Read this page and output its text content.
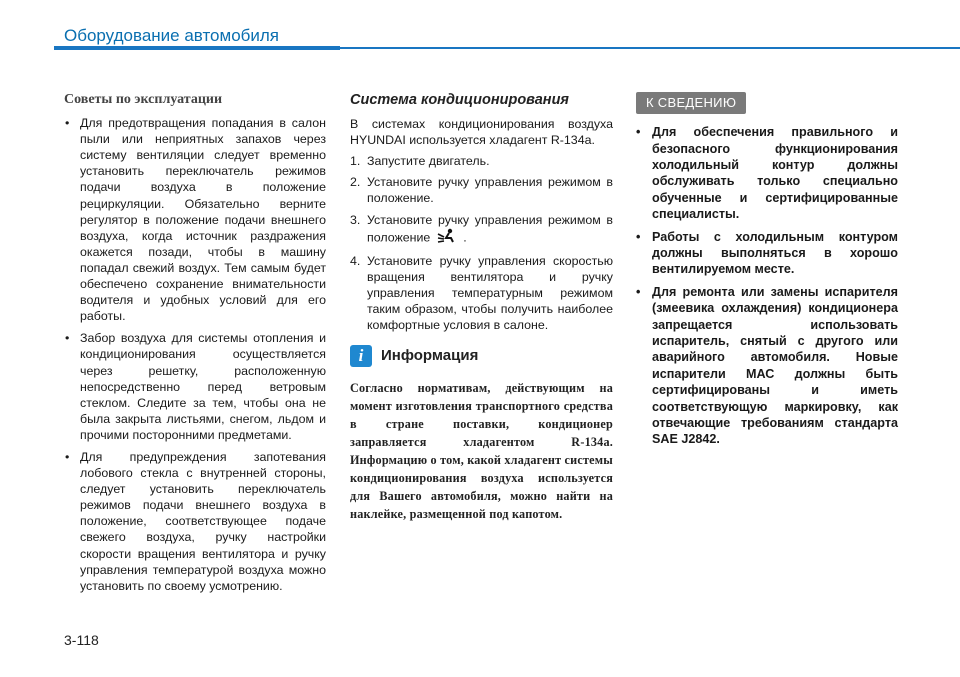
Оборудование автомобиля
Советы по эксплуатации
• Для предотвращения попадания в салон пыли или неприятных запахов через систему вентиляции следует временно установить переключатель режимов подачи воздуха в положение рециркуляции. Обязательно верните регулятор в положение подачи внешнего воздуха, когда источник раздражения окажется позади, чтобы в машину попадал свежий воздух. Тем самым будет обеспечено сохранение внимательности водителя и удобных условий для его работы.
• Забор воздуха для системы отопления и кондиционирования осуществляется через решетку, расположенную непосредственно перед ветровым стеклом. Следите за тем, чтобы она не была закрыта листьями, снегом, льдом и прочими посторонними предметами.
• Для предупреждения запотевания лобового стекла с внутренней стороны, следует установить переключатель режимов подачи внешнего воздуха в положение, соответствующее подаче свежего воздуха, ручку настройки скорости вращения вентилятора и ручку управления температурой воздуха можно установить по своему усмотрению.
Система кондиционирования
В системах кондиционирования воздуха HYUNDAI используется хладагент R-134a.
1. Запустите двигатель.
2. Установите ручку управления режимом в положение.
3. Установите ручку управления режимом в положение	.
4. Установите ручку управления скоростью вращения вентилятора и ручку управления температурным режимом таким образом, чтобы получить наиболее комфортные условия в салоне.
i	Информация
Согласно нормативам, действующим на момент изготовления транспортного средства в стране поставки, кондиционер заправляется хладагентом R-134a. Информацию о том, какой хладагент системы кондиционирования воздуха используется для Вашего автомобиля, можно найти на наклейке, размещенной под капотом.
К СВЕДЕНИЮ
• Для обеспечения правильного и безопасного функционирования холодильный контур должны обслуживать только специально обученные и сертифицированные специалисты.
• Работы с холодильным контуром должны выполняться в хорошо вентилируемом месте.
• Для ремонта или замены испарителя (змеевика охлаждения) кондиционера запрещается использовать испаритель, снятый с другого или аварийного автомобиля. Новые испарители МАС должны быть сертифицированы и иметь соответствующую маркировку, как отвечающие требованиям стандарта SAE J2842.
3-118
